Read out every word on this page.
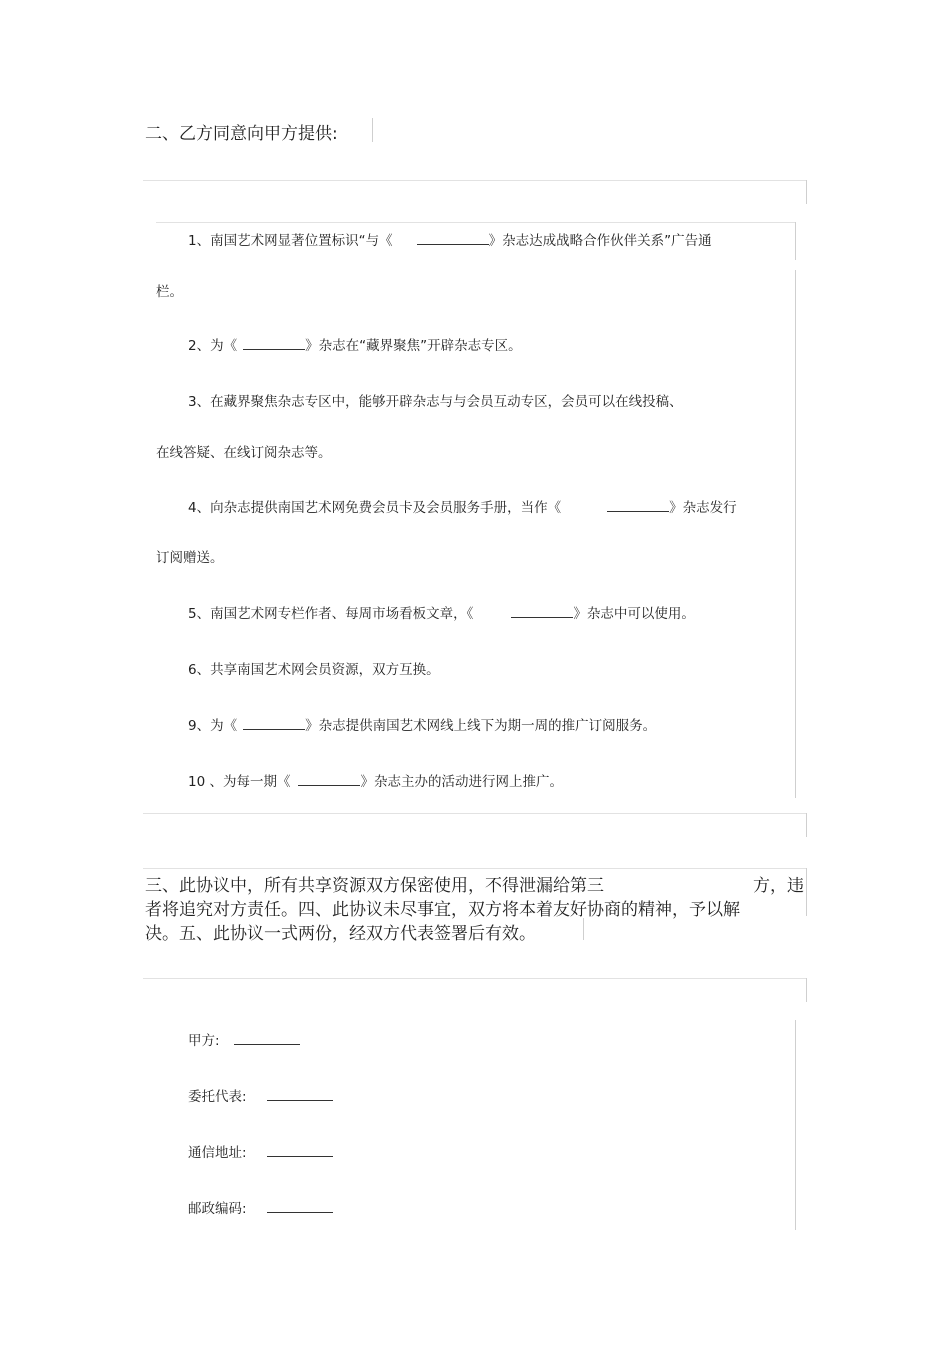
二、乙方同意向甲方提供:
1、南国艺术网显著位置标识“与《	》杂志达成战略合作伙伴关系”广告通
栏。
2、为《	》杂志在“藏界聚焦”开辟杂志专区。
3、在藏界聚焦杂志专区中，能够开辟杂志与与会员互动专区，会员可以在线投稿、
在线答疑、在线订阅杂志等。
4、向杂志提供南国艺术网免费会员卡及会员服务手册，当作《	》杂志发行
订阅赠送。
5、南国艺术网专栏作者、每周市场看板文章，《	》杂志中可以使用。
6、共享南国艺术网会员资源，双方互换。
9、为《	》杂志提供南国艺术网线上线下为期一周的推广订阅服务。
10 、为每一期《	》杂志主办的活动进行网上推广。
三、此协议中，所有共享资源双方保密使用，不得泄漏给第三	方，违
者将追究对方责任。四、此协议未尽事宜，双方将本着友好协商的精神，予以解
决。五、此协议一式两份，经双方代表签署后有效。
甲方:
委托代表:
通信地址:
邮政编码:
